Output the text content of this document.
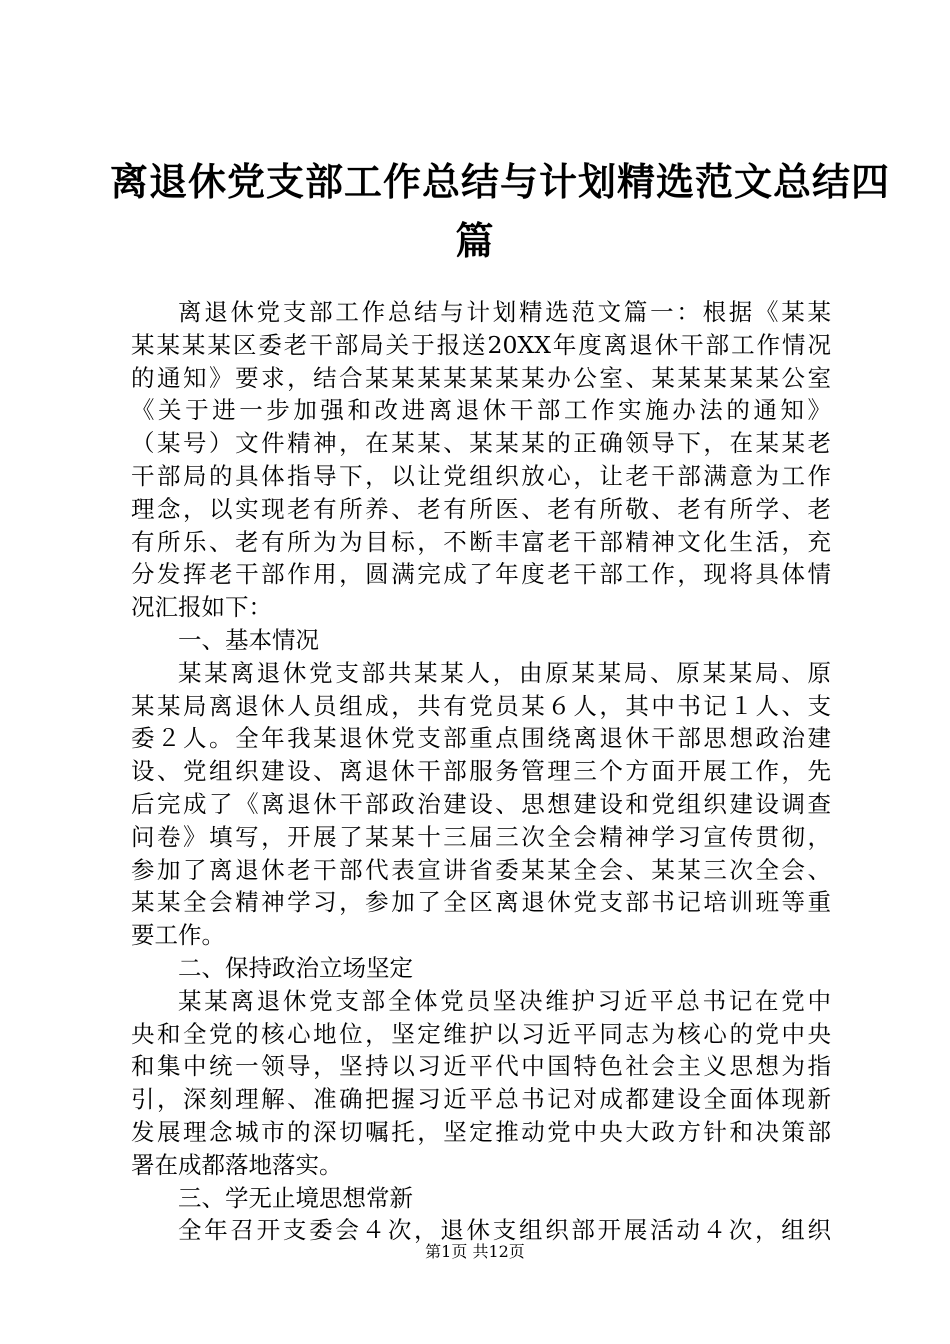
离退休党支部工作总结与计划精选范文总结四
篇
离退休党支部工作总结与计划精选范文篇一：根据《某某
某某某某区委老干部局关于报送20XX年度离退休干部工作情况
的通知》要求，结合某某某某某某某办公室、某某某某某公室
《关于进一步加强和改进离退休干部工作实施办法的通知》
（某号）文件精神，在某某、某某某的正确领导下，在某某老
干部局的具体指导下，以让党组织放心，让老干部满意为工作
理念，以实现老有所养、老有所医、老有所敬、老有所学、老
有所乐、老有所为为目标，不断丰富老干部精神文化生活，充
分发挥老干部作用，圆满完成了年度老干部工作，现将具体情
况汇报如下：
一、基本情况
某某离退休党支部共某某人，由原某某局、原某某局、原
某某局离退休人员组成，共有党员某６人，其中书记１人、支
委２人。全年我某退休党支部重点围绕离退休干部思想政治建
设、党组织建设、离退休干部服务管理三个方面开展工作，先
后完成了《离退休干部政治建设、思想建设和党组织建设调查
问卷》填写，开展了某某十三届三次全会精神学习宣传贯彻，
参加了离退休老干部代表宣讲省委某某全会、某某三次全会、
某某全会精神学习，参加了全区离退休党支部书记培训班等重
要工作。
二、保持政治立场坚定
某某离退休党支部全体党员坚决维护习近平总书记在党中
央和全党的核心地位，坚定维护以习近平同志为核心的党中央
和集中统一领导，坚持以习近平代中国特色社会主义思想为指
引，深刻理解、准确把握习近平总书记对成都建设全面体现新
发展理念城市的深切嘱托，坚定推动党中央大政方针和决策部
署在成都落地落实。
三、学无止境思想常新
全年召开支委会４次，退休支组织部开展活动４次，组织
第1页 共12页
